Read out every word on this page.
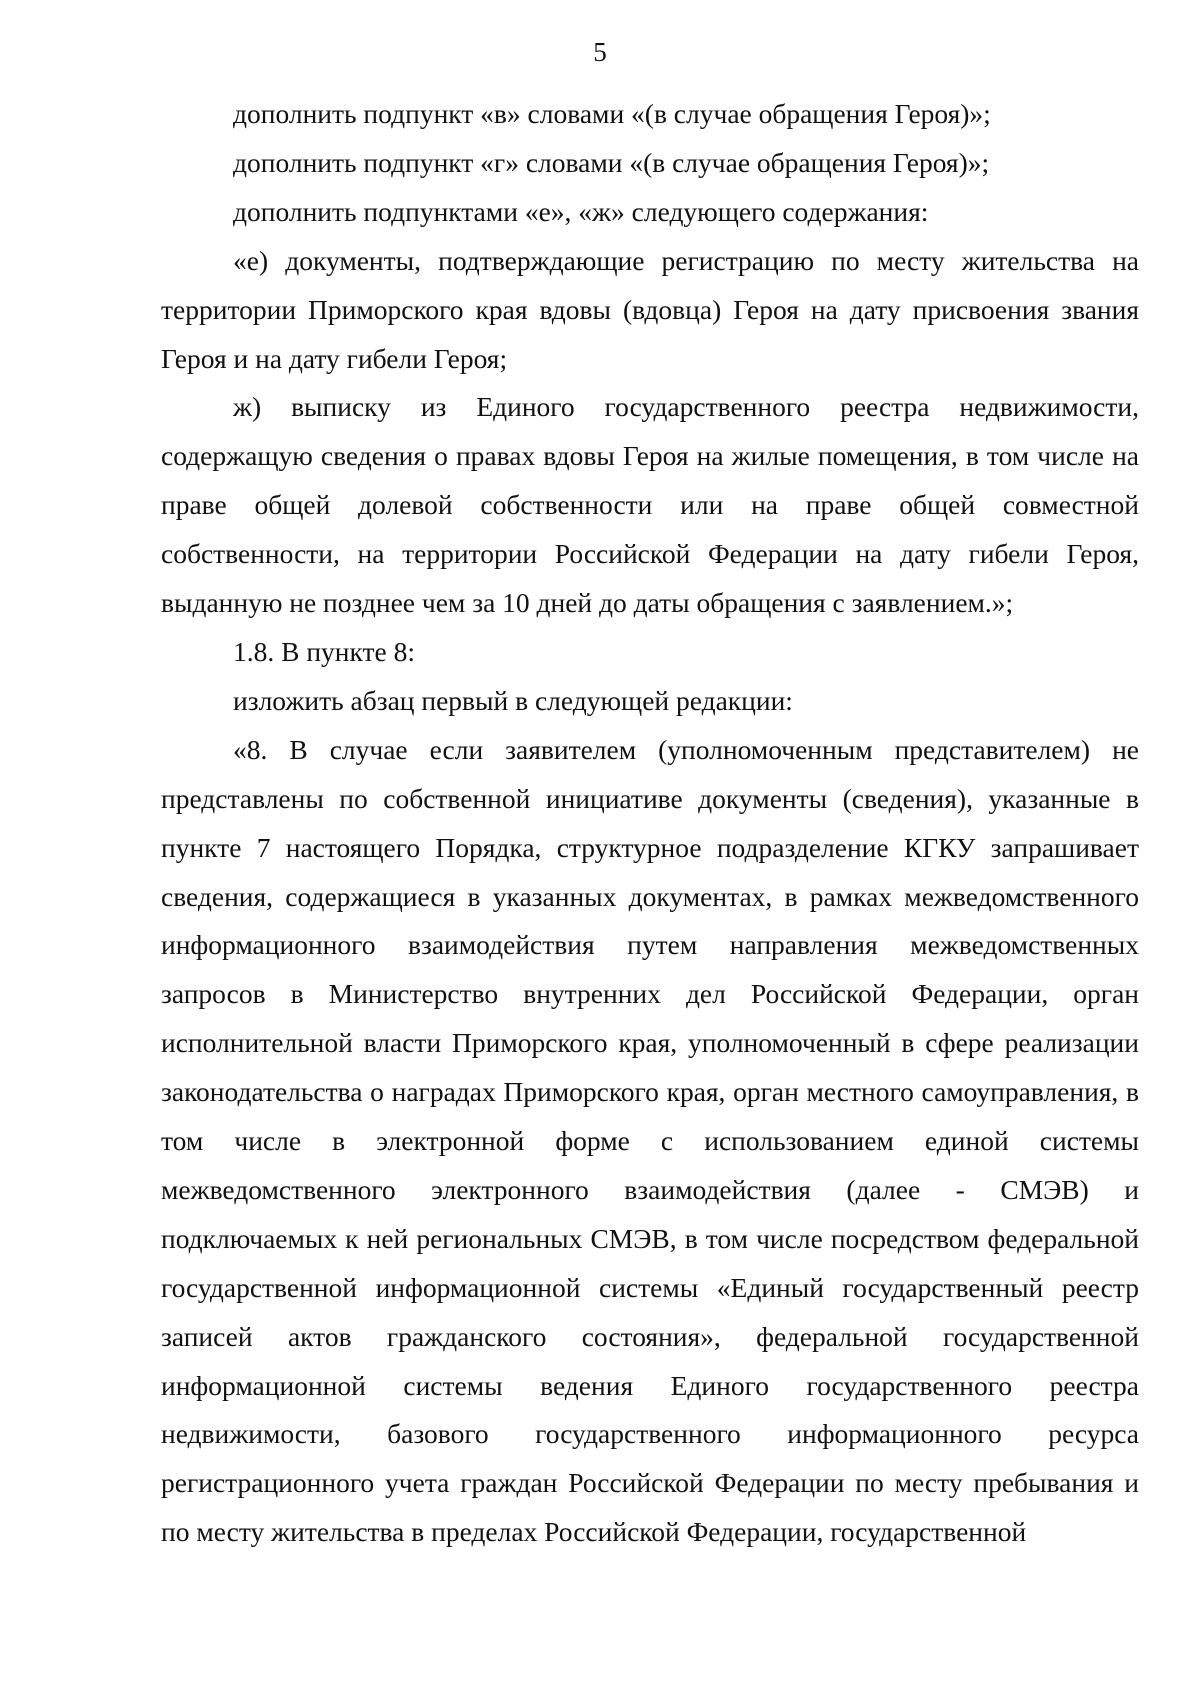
5

дополнить подпункт «в» словами «(в случае обращения Героя)»;

дополнить подпункт «г» словами «(в случае обращения Героя)»;

дополнить подпунктами «е», «ж» следующего содержания:

«е) документы, подтверждающие регистрацию по месту жительства на территории Приморского края вдовы (вдовца) Героя на дату присвоения звания Героя и на дату гибели Героя;

ж) выписку из Единого государственного реестра недвижимости, содержащую сведения о правах вдовы Героя на жилые помещения, в том числе на праве общей долевой собственности или на праве общей совместной собственности, на территории Российской Федерации на дату гибели Героя, выданную не позднее чем за 10 дней до даты обращения с заявлением.»;

1.8. В пункте 8:

изложить абзац первый в следующей редакции:

«8. В случае если заявителем (уполномоченным представителем) не представлены по собственной инициативе документы (сведения), указанные в пункте 7 настоящего Порядка, структурное подразделение КГКУ запрашивает сведения, содержащиеся в указанных документах, в рамках межведомственного информационного взаимодействия путем направления межведомственных запросов в Министерство внутренних дел Российской Федерации, орган исполнительной власти Приморского края, уполномоченный в сфере реализации законодательства о наградах Приморского края, орган местного самоуправления, в том числе в электронной форме с использованием единой системы межведомственного электронного взаимодействия (далее - СМЭВ) и подключаемых к ней региональных СМЭВ, в том числе посредством федеральной государственной информационной системы «Единый государственный реестр записей актов гражданского состояния», федеральной государственной информационной системы ведения Единого государственного реестра недвижимости, базового государственного информационного ресурса регистрационного учета граждан Российской Федерации по месту пребывания и по месту жительства в пределах Российской Федерации, государственной
